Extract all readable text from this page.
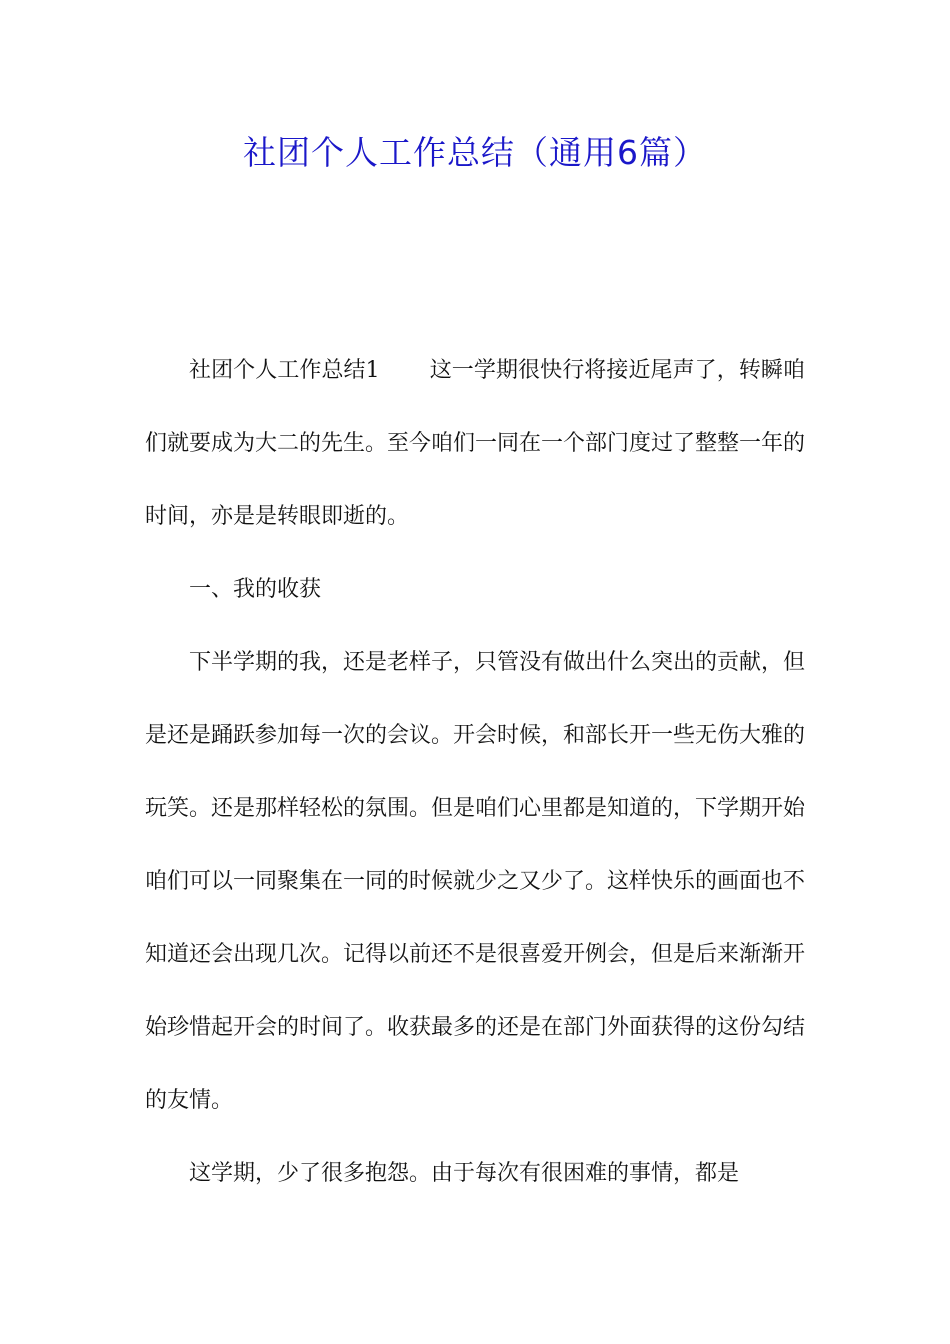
社团个人工作总结（通用6篇）

社团个人工作总结1 这一学期很快行将接近尾声了，转瞬咱们就要成为大二的先生。至今咱们一同在一个部门度过了整整一年的时间，亦是是转眼即逝的。

一、我的收获

下半学期的我，还是老样子，只管没有做出什么突出的贡献，但是还是踊跃参加每一次的会议。开会时候，和部长开一些无伤大雅的玩笑。还是那样轻松的氛围。但是咱们心里都是知道的，下学期开始咱们可以一同聚集在一同的时候就少之又少了。这样快乐的画面也不知道还会出现几次。记得以前还不是很喜爱开例会，但是后来渐渐开始珍惜起开会的时间了。收获最多的还是在部门外面获得的这份勾结的友情。

这学期，少了很多抱怨。由于每次有很困难的事情，都是
